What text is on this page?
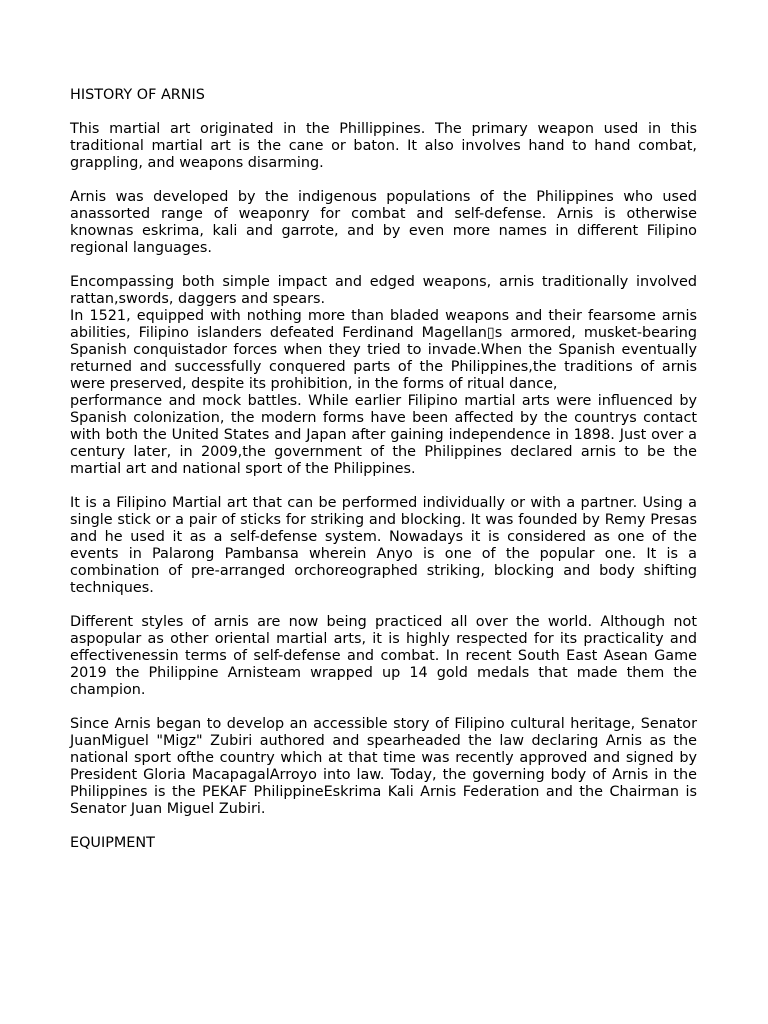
HISTORY OF ARNIS

This martial art originated in the Phillippines. The primary weapon used in this traditional martial art is the cane or baton. It also involves hand to hand combat, grappling, and weapons disarming.

Arnis was developed by the indigenous populations of the Philippines who used anassorted range of weaponry for combat and self-defense. Arnis is otherwise knownas eskrima, kali and garrote, and by even more names in different Filipino regional languages.

Encompassing both simple impact and edged weapons, arnis traditionally involved rattan,swords, daggers and spears.

In 1521, equipped with nothing more than bladed weapons and their fearsome arnis abilities, Filipino islanders defeated Ferdinand Magellan▯s armored, musket-bearing Spanish conquistador forces when they tried to invade.When the Spanish eventually returned and successfully conquered parts of the Philippines,the traditions of arnis were preserved, despite its prohibition, in the forms of ritual dance,

performance and mock battles. While earlier Filipino martial arts were influenced by Spanish colonization, the modern forms have been affected by the countrys contact with both the United States and Japan after gaining independence in 1898. Just over a century later, in 2009,the government of the Philippines declared arnis to be the martial art and national sport of the Philippines.

It is a Filipino Martial art that can be performed individually or with a partner. Using a single stick or a pair of sticks for striking and blocking. It was founded by Remy Presas and he used it as a self-defense system. Nowadays it is considered as one of the events in Palarong Pambansa wherein Anyo is one of the popular one. It is a combination of pre-arranged orchoreographed striking, blocking and body shifting techniques.

Different styles of arnis are now being practiced all over the world. Although not aspopular as other oriental martial arts, it is highly respected for its practicality and effectivenessin terms of self-defense and combat. In recent South East Asean Game 2019 the Philippine Arnisteam wrapped up 14 gold medals that made them the champion.

Since Arnis began to develop an accessible story of Filipino cultural heritage, Senator JuanMiguel "Migz" Zubiri authored and spearheaded the law declaring Arnis as the national sport ofthe country which at that time was recently approved and signed by President Gloria MacapagalArroyo into law. Today, the governing body of Arnis in the Philippines is the PEKAF PhilippineEskrima Kali Arnis Federation and the Chairman is Senator Juan Miguel Zubiri.

EQUIPMENT
